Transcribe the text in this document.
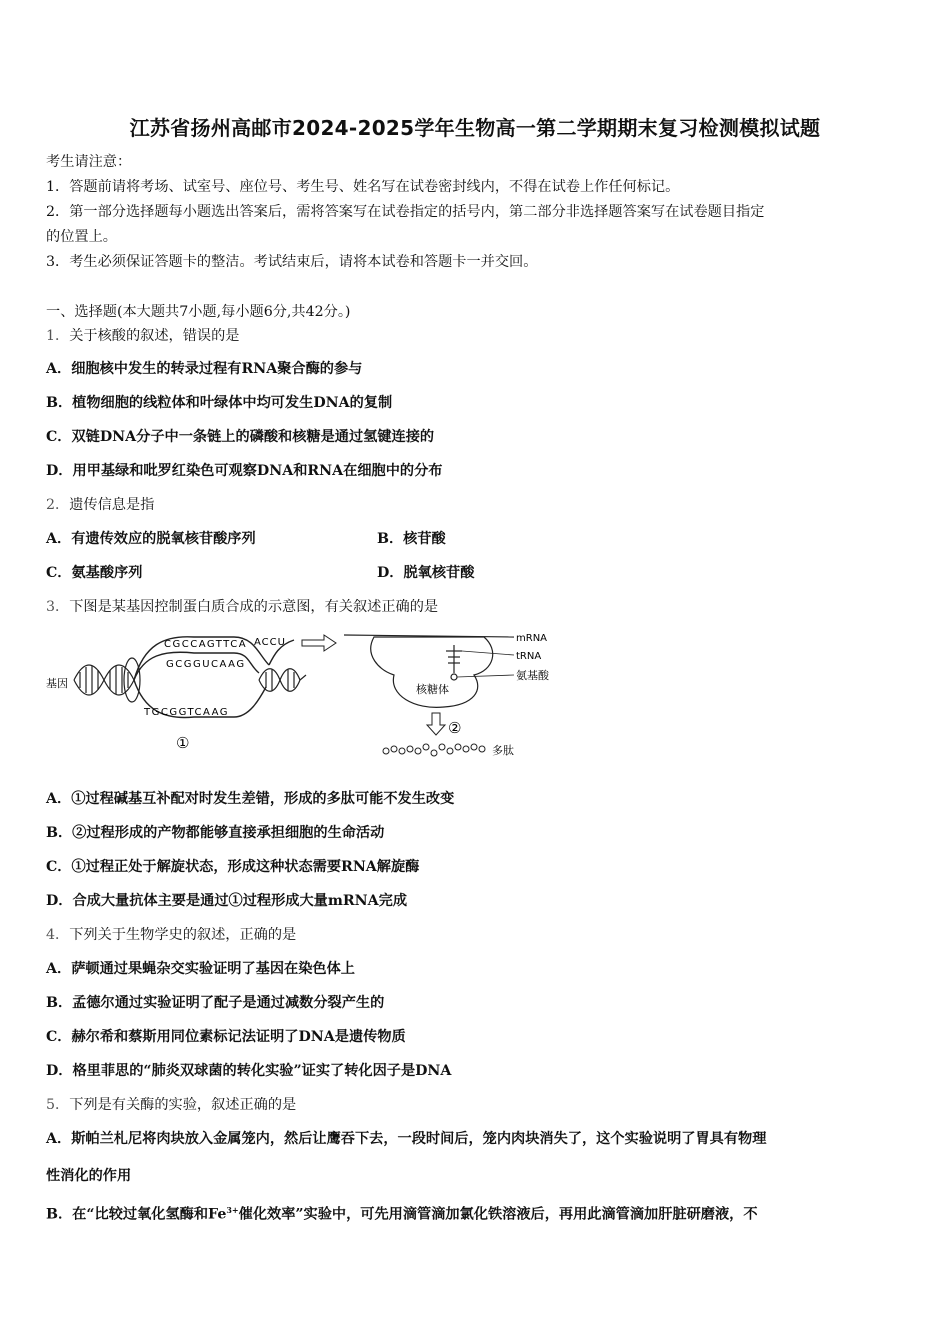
江苏省扬州高邮市2024-2025学年生物高一第二学期期末复习检测模拟试题
考生请注意：
1．答题前请将考场、试室号、座位号、考生号、姓名写在试卷密封线内，不得在试卷上作任何标记。
2．第一部分选择题每小题选出答案后，需将答案写在试卷指定的括号内，第二部分非选择题答案写在试卷题目指定
的位置上。
3．考生必须保证答题卡的整洁。考试结束后，请将本试卷和答题卡一并交回。
一、选择题(本大题共7小题,每小题6分,共42分。)
1．关于核酸的叙述，错误的是
A．细胞核中发生的转录过程有RNA聚合酶的参与
B．植物细胞的线粒体和叶绿体中均可发生DNA的复制
C．双链DNA分子中一条链上的磷酸和核糖是通过氢键连接的
D．用甲基绿和吡罗红染色可观察DNA和RNA在细胞中的分布
2．遗传信息是指
A．有遗传效应的脱氧核苷酸序列	B．核苷酸
C．氨基酸序列	D．脱氧核苷酸
3．下图是某基因控制蛋白质合成的示意图，有关叙述正确的是
基因
CGCCAGTTCA
GCGGUCAAG
ACCU
TGCGGTCAAG
①
mRNA
tRNA
氨基酸
核糖体
②
多肽
A．①过程碱基互补配对时发生差错，形成的多肽可能不发生改变
B．②过程形成的产物都能够直接承担细胞的生命活动
C．①过程正处于解旋状态，形成这种状态需要RNA解旋酶
D．合成大量抗体主要是通过①过程形成大量mRNA完成
4．下列关于生物学史的叙述，正确的是
A．萨顿通过果蝇杂交实验证明了基因在染色体上
B．孟德尔通过实验证明了配子是通过减数分裂产生的
C．赫尔希和蔡斯用同位素标记法证明了DNA是遗传物质
D．格里菲思的“肺炎双球菌的转化实验”证实了转化因子是DNA
5．下列是有关酶的实验，叙述正确的是
A．斯帕兰札尼将肉块放入金属笼内，然后让鹰吞下去，一段时间后，笼内肉块消失了，这个实验说明了胃具有物理
性消化的作用
B．在“比较过氧化氢酶和$Fe^{3+}$催化效率”实验中，可先用滴管滴加氯化铁溶液后，再用此滴管滴加肝脏研磨液，不
